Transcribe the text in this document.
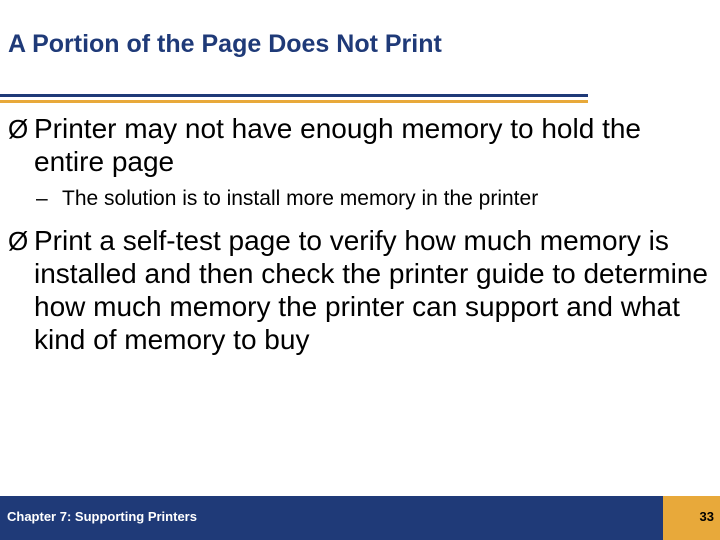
A Portion of the Page Does Not Print
Ø Printer may not have enough memory to hold the entire page
– The solution is to install more memory in the printer
Ø Print a self-test page to verify how much memory is installed and then check the printer guide to determine how much memory the printer can support and what kind of memory to buy
Chapter 7: Supporting Printers	33
